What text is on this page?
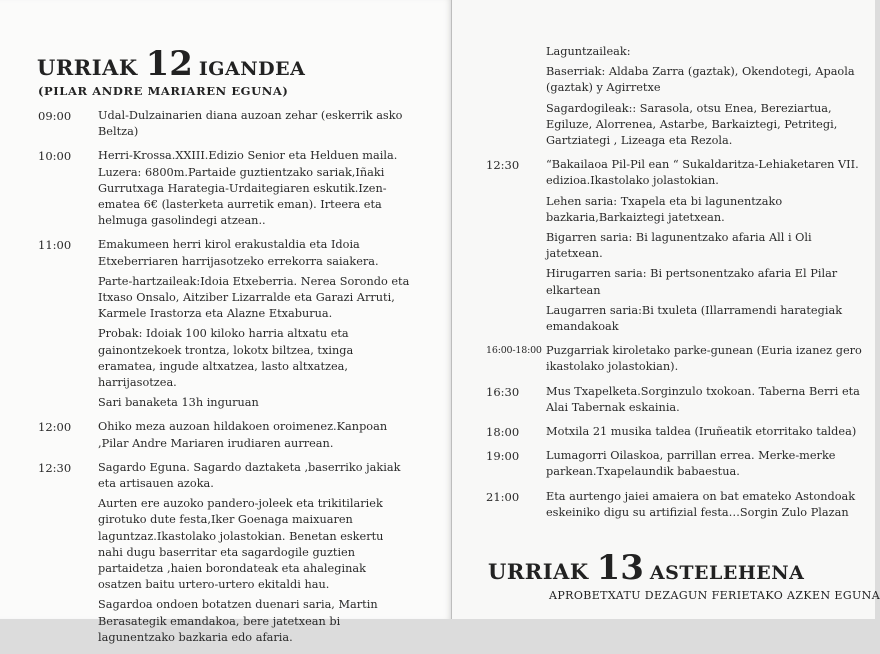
URRIAK 12 IGANDEA
(PILAR ANDRE MARIAREN EGUNA)
09:00	Udal-Dulzainarien diana auzoan zehar (eskerrik asko Beltza)

10:00	Herri-Krossa.XXIII.Edizio Senior eta Helduen maila. Luzera: 6800m.Partaide guztientzako sariak,Iñaki Gurrutxaga Harategia-Urdaitegiaren eskutik.Izen-ematea 6€ (lasterketa aurretik eman). Irteera eta helmuga gasolindegi atzean..

11:00	Emakumeen herri kirol erakustaldia eta Idoia Etxeberriaren harrijasotzeko errekorra saiakera.

Parte-hartzaileak:Idoia Etxeberria. Nerea Sorondo eta Itxaso Onsalo, Aitziber Lizarralde eta Garazi Arruti, Karmele Irastorza eta Alazne Etxaburua.

Probak: Idoiak 100 kiloko harria altxatu eta gainontzekoek trontza, lokotx biltzea, txinga eramatea, ingude altxatzea, lasto altxatzea, harrijasotzea.

Sari banaketa 13h inguruan

12:00	Ohiko meza auzoan hildakoen oroimenez.Kanpoan ,Pilar Andre Mariaren irudiaren aurrean.

12:30	Sagardo Eguna. Sagardo daztaketa ,baserriko jakiak eta artisauen azoka.

Aurten ere auzoko pandero-joleek eta trikitilariek girotuko dute festa,Iker Goenaga maixuaren laguntzaz.Ikastolako jolastokian. Benetan eskertu nahi dugu baserritar eta sagardogile guztien partaidetza ,haien borondateak eta ahaleginak osatzen baitu urtero-urtero ekitaldi hau.

Sagardoa ondoen botatzen duenari saria, Martin Berasategik emandakoa, bere jatetxean bi lagunentzako bazkaria edo afaria.

Laguntzaileak:

Baserriak: Aldaba Zarra (gaztak), Okendotegi, Apaola (gaztak) y Agirretxe

Sagardogileak:: Sarasola, otsu Enea, Bereziartua, Egiluze, Alorrenea, Astarbe, Barkaiztegi, Petritegi, Gartziategi , Lizeaga eta Rezola.

12:30	“Bakailaoa Pil-Pil ean “ Sukaldaritza-Lehiaketaren VII. edizioa.Ikastolako jolastokian.

Lehen saria: Txapela eta bi lagunentzako bazkaria,Barkaiztegi jatetxean.

Bigarren saria: Bi lagunentzako afaria All i Oli jatetxean.

Hirugarren saria: Bi pertsonentzako afaria El Pilar elkartean

Laugarren saria:Bi txuleta (Illarramendi harategiak emandakoak

16:00-18:00 Puzgarriak kiroletako parke-gunean (Euria izanez gero ikastolako jolastokian).

16:30	Mus Txapelketa.Sorginzulo txokoan. Taberna Berri eta Alai Tabernak eskainia.

18:00	Motxila 21 musika taldea (Iruñeatik etorritako taldea)

19:00	Lumagorri Oilaskoa, parrillan errea. Merke-merke parkean.Txapelaundik babaestua.

21:00	Eta aurtengo jaiei amaiera on bat emateko Astondoak eskeiniko digu su artifizial festa…Sorgin Zulo Plazan

URRIAK 13 ASTELEHENA
APROBETXATU DEZAGUN FERIETAKO AZKEN EGUNA
